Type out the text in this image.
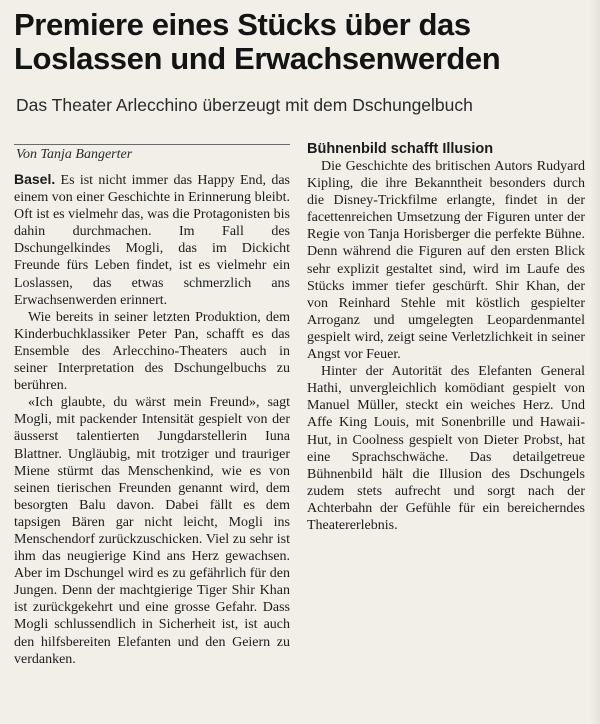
Premiere eines Stücks über das Loslassen und Erwachsenwerden
Das Theater Arlecchino überzeugt mit dem Dschungelbuch
Von Tanja Bangerter

Basel. Es ist nicht immer das Happy End, das einem von einer Geschichte in Erinnerung bleibt. Oft ist es vielmehr das, was die Protagonisten bis dahin durchmachen. Im Fall des Dschungelkindes Mogli, das im Dickicht Freunde fürs Leben findet, ist es vielmehr ein Loslassen, das etwas schmerzlich ans Erwachsenwerden erinnert.

Wie bereits in seiner letzten Produktion, dem Kinderbuchklassiker Peter Pan, schafft es das Ensemble des Arlecchino-Theaters auch in seiner Interpretation des Dschungelbuchs zu berühren.

«Ich glaubte, du wärst mein Freund», sagt Mogli, mit packender Intensität gespielt von der äusserst talentierten Jungdarstellerin Iuna Blattner. Ungläubig, mit trotziger und trauriger Miene stürmt das Menschenkind, wie es von seinen tierischen Freunden genannt wird, dem besorgten Balu davon. Dabei fällt es dem tapsigen Bären gar nicht leicht, Mogli ins Menschendorf zurückzuschicken. Viel zu sehr ist ihm das neugierige Kind ans Herz gewachsen. Aber im Dschungel wird es zu gefährlich für den Jungen. Denn der machtgierige Tiger Shir Khan ist zurückgekehrt und eine grosse Gefahr. Dass Mogli schlussendlich in Sicherheit ist, ist auch den hilfsbereiten Elefanten und den Geiern zu verdanken.

Bühnenbild schafft Illusion

Die Geschichte des britischen Autors Rudyard Kipling, die ihre Bekanntheit besonders durch die Disney-Trickfilme erlangte, findet in der facettenreichen Umsetzung der Figuren unter der Regie von Tanja Horisberger die perfekte Bühne. Denn während die Figuren auf den ersten Blick sehr explizit gestaltet sind, wird im Laufe des Stücks immer tiefer geschürft. Shir Khan, der von Reinhard Stehle mit köstlich gespielter Arroganz und umgelegten Leopardenmantel gespielt wird, zeigt seine Verletzlichkeit in seiner Angst vor Feuer.

Hinter der Autorität des Elefanten General Hathi, unvergleichlich komödiant gespielt von Manuel Müller, steckt ein weiches Herz. Und Affe King Louis, mit Sonenbrille und Hawaii-Hut, in Coolness gespielt von Dieter Probst, hat eine Sprachschwäche. Das detailgetreue Bühnenbild hält die Illusion des Dschungels zudem stets aufrecht und sorgt nach der Achterbahn der Gefühle für ein bereicherndes Theatererlebnis.
